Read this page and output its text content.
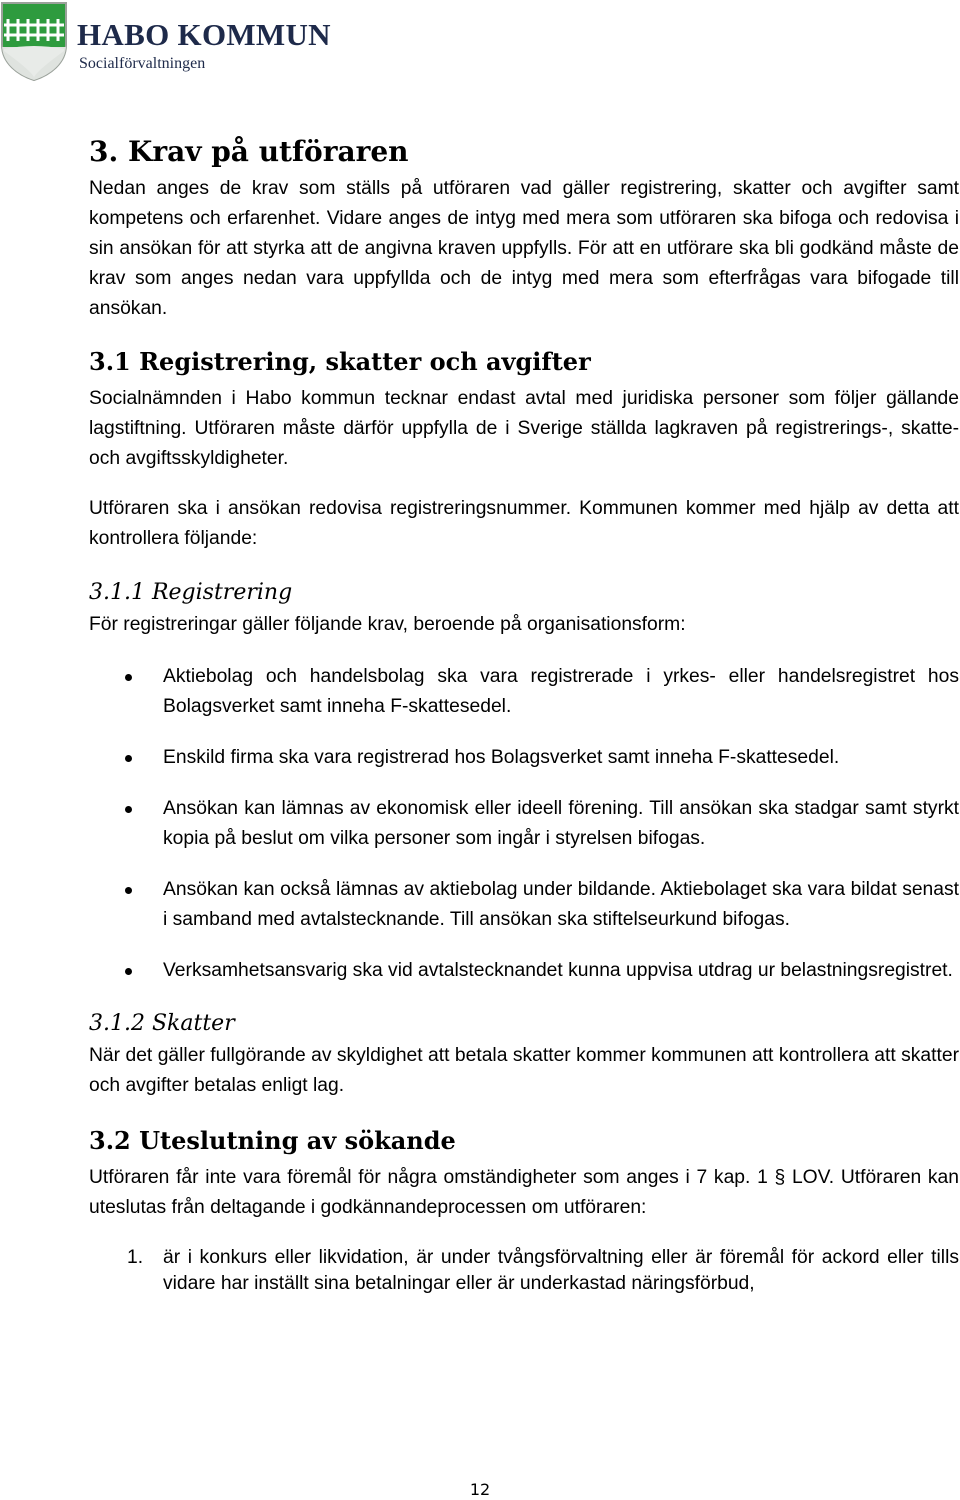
HABO KOMMUN
Socialförvaltningen
3. Krav på utföraren

Nedan anges de krav som ställs på utföraren vad gäller registrering, skatter och avgifter samt kompetens och erfarenhet. Vidare anges de intyg med mera som utföraren ska bifoga och redovisa i sin ansökan för att styrka att de angivna kraven uppfylls. För att en utförare ska bli godkänd måste de krav som anges nedan vara uppfyllda och de intyg med mera som efterfrågas vara bifogade till ansökan.

3.1 Registrering, skatter och avgifter

Socialnämnden i Habo kommun tecknar endast avtal med juridiska personer som följer gällande lagstiftning. Utföraren måste därför uppfylla de i Sverige ställda lagkraven på registrerings-, skatte- och avgiftsskyldigheter.

Utföraren ska i ansökan redovisa registreringsnummer. Kommunen kommer med hjälp av detta att kontrollera följande:

3.1.1 Registrering

För registreringar gäller följande krav, beroende på organisationsform:

Aktiebolag och handelsbolag ska vara registrerade i yrkes- eller handelsregistret hos Bolagsverket samt inneha F-skattesedel.
Enskild firma ska vara registrerad hos Bolagsverket samt inneha F-skattesedel.
Ansökan kan lämnas av ekonomisk eller ideell förening. Till ansökan ska stadgar samt styrkt kopia på beslut om vilka personer som ingår i styrelsen bifogas.
Ansökan kan också lämnas av aktiebolag under bildande. Aktiebolaget ska vara bildat senast i samband med avtalstecknande. Till ansökan ska stiftelseurkund bifogas.
Verksamhetsansvarig ska vid avtalstecknandet kunna uppvisa utdrag ur belastningsregistret.
3.1.2 Skatter

När det gäller fullgörande av skyldighet att betala skatter kommer kommunen att kontrollera att skatter och avgifter betalas enligt lag.

3.2 Uteslutning av sökande

Utföraren får inte vara föremål för några omständigheter som anges i 7 kap. 1 § LOV. Utföraren kan uteslutas från deltagande i godkännandeprocessen om utföraren:

1. är i konkurs eller likvidation, är under tvångsförvaltning eller är föremål för ackord eller tills vidare har inställt sina betalningar eller är underkastad näringsförbud,
12
